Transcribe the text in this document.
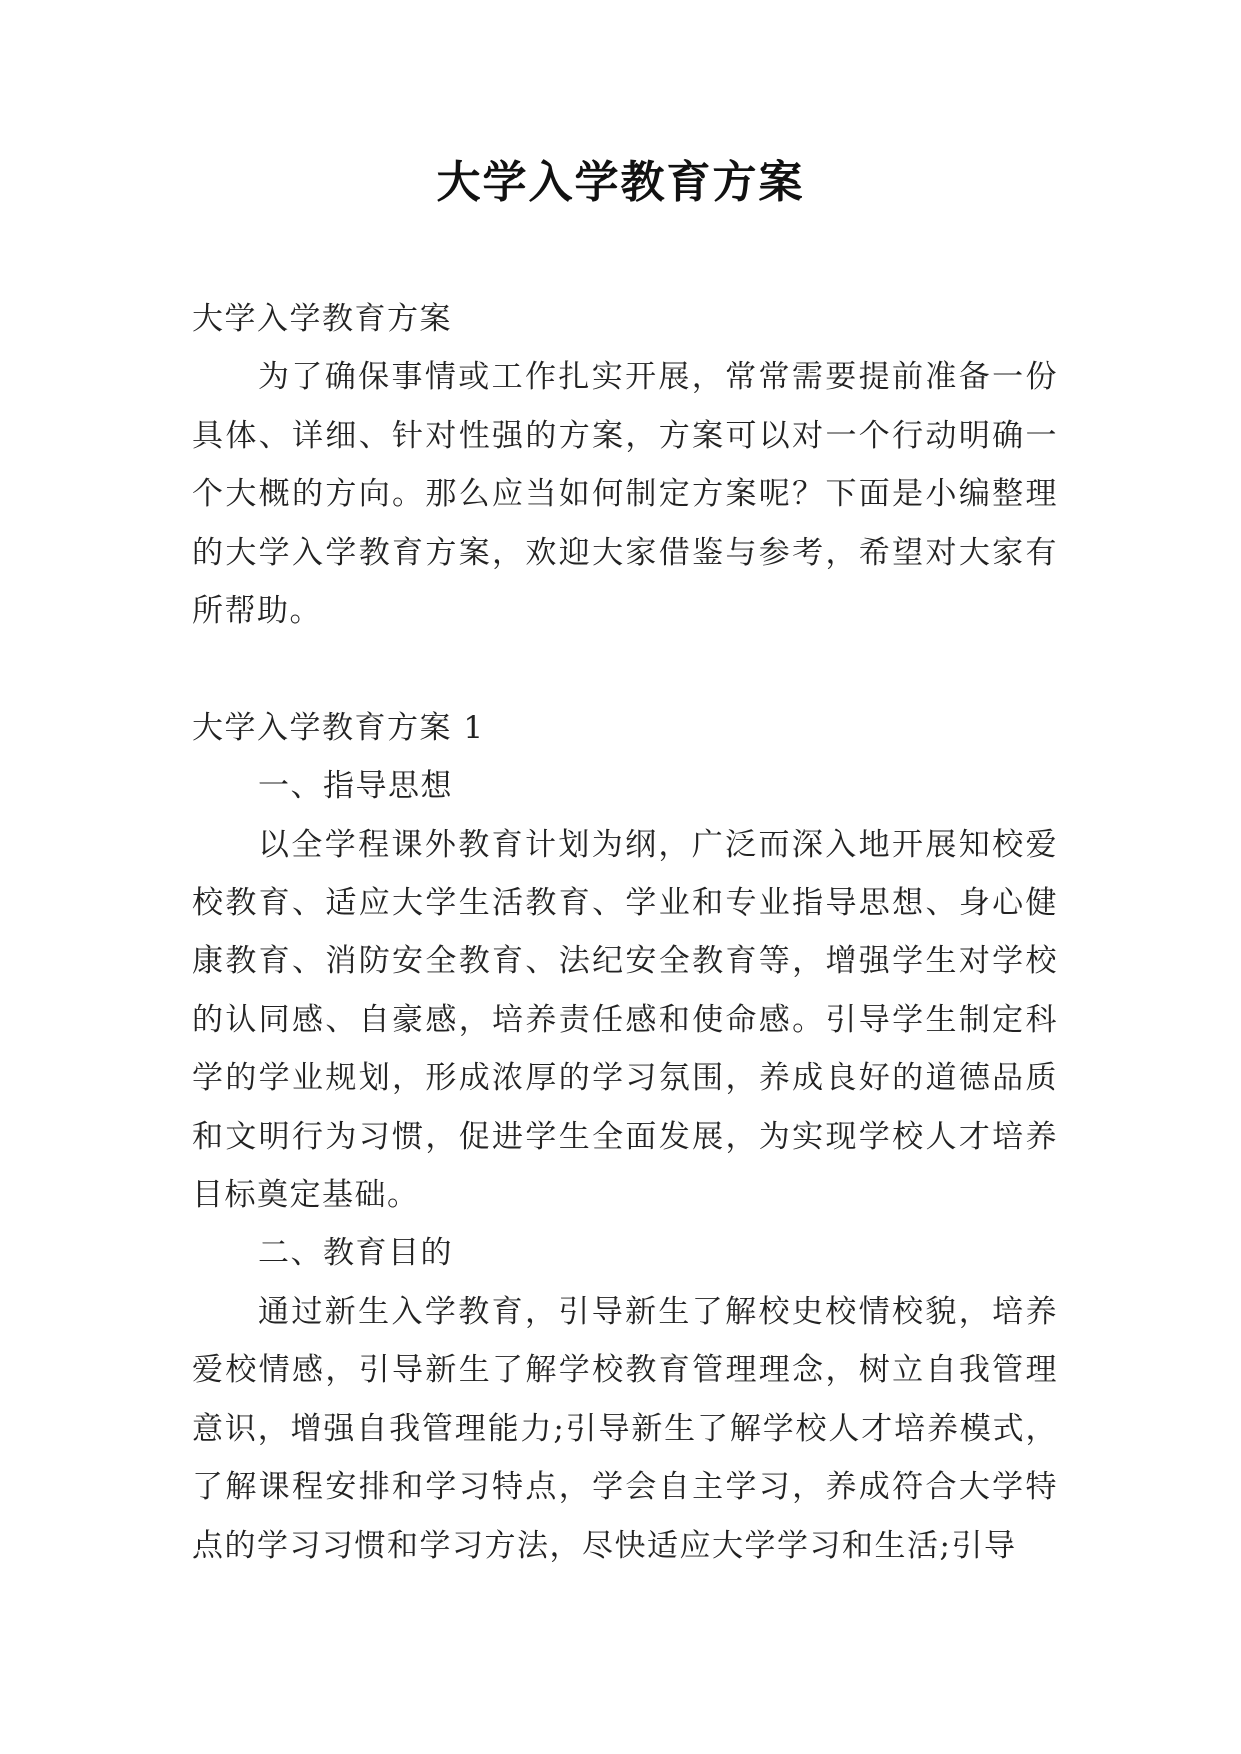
大学入学教育方案

大学入学教育方案

为了确保事情或工作扎实开展，常常需要提前准备一份具体、详细、针对性强的方案，方案可以对一个行动明确一个大概的方向。那么应当如何制定方案呢？下面是小编整理的大学入学教育方案，欢迎大家借鉴与参考，希望对大家有所帮助。

大学入学教育方案 1

一、指导思想

以全学程课外教育计划为纲，广泛而深入地开展知校爱校教育、适应大学生活教育、学业和专业指导思想、身心健康教育、消防安全教育、法纪安全教育等，增强学生对学校的认同感、自豪感，培养责任感和使命感。引导学生制定科学的学业规划，形成浓厚的学习氛围，养成良好的道德品质和文明行为习惯，促进学生全面发展，为实现学校人才培养目标奠定基础。

二、教育目的

通过新生入学教育，引导新生了解校史校情校貌，培养爱校情感，引导新生了解学校教育管理理念，树立自我管理意识，增强自我管理能力;引导新生了解学校人才培养模式，了解课程安排和学习特点，学会自主学习，养成符合大学特点的学习习惯和学习方法，尽快适应大学学习和生活;引导
